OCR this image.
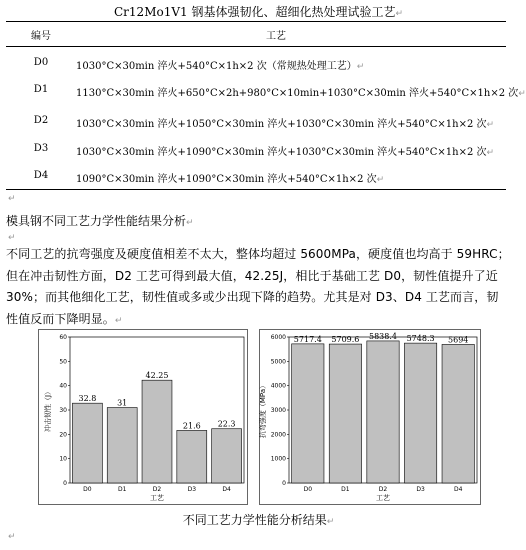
Cr12Mo1V1 钢基体强韧化、超细化热处理试验工艺↵
编号	工艺
D0	1030°C×30min 淬火+540°C×1h×2 次（常规热处理工艺）↵
D1	1130°C×30min 淬火+650°C×2h+980°C×10min+1030°C×30min 淬火+540°C×1h×2 次↵
D2	1030°C×30min 淬火+1050°C×30min 淬火+1030°C×30min 淬火+540°C×1h×2 次↵
D3	1030°C×30min 淬火+1090°C×30min 淬火+1030°C×30min 淬火+540°C×1h×2 次↵
D4	1090°C×30min 淬火+1090°C×30min 淬火+540°C×1h×2 次↵
↵
模具钢不同工艺力学性能结果分析↵
↵
不同工艺的抗弯强度及硬度值相差不太大，整体均超过 5600MPa，硬度值也均高于 59HRC；但在冲击韧性方面，D2 工艺可得到最大值，42.25J，相比于基础工艺 D0，韧性值提升了近 30%；而其他细化工艺，韧性值或多或少出现下降的趋势。尤其是对 D3、D4 工艺而言，韧性值反而下降明显。↵
0
10
20
30
40
50
60
32.8
D0
31
D1
42.25
D2
21.6
D3
22.3
D4
工艺
冲击韧性（J）
0
1000
2000
3000
4000
5000
6000 5717.4
D0
5709.6
D1
5838.4
D2
5748.3
D3
5694
D4
工艺
抗弯强度（MPa）
不同工艺力学性能分析结果↵
↵
